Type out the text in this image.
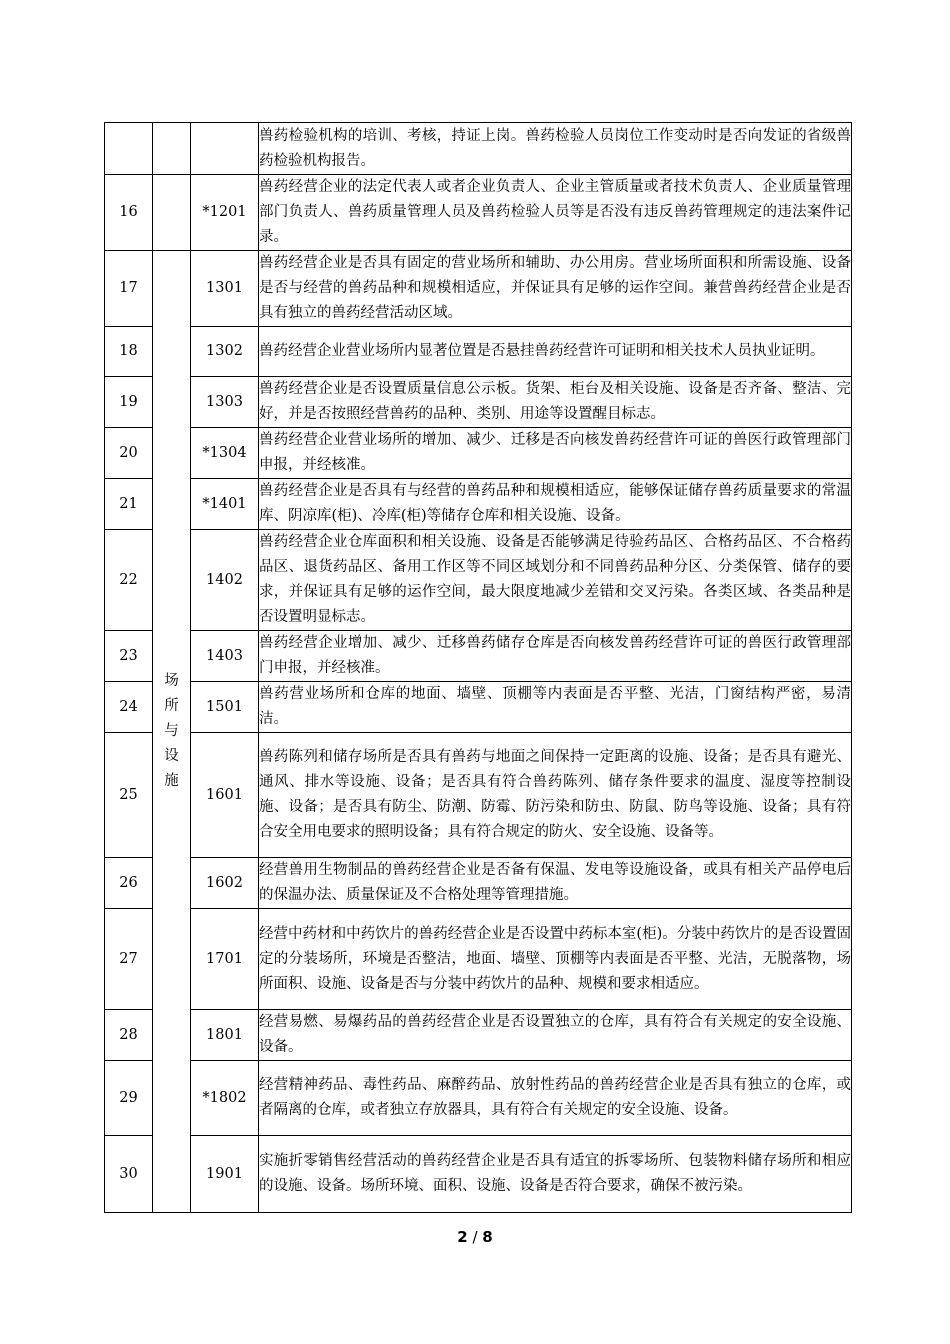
			兽药检验机构的培训、考核，持证上岗。兽药检验人员岗位工作变动时是否向发证的省级兽药检验机构报告。
16		*1201	兽药经营企业的法定代表人或者企业负责人、企业主管质量或者技术负责人、企业质量管理部门负责人、兽药质量管理人员及兽药检验人员等是否没有违反兽药管理规定的违法案件记录。
17	场所与设施	1301	兽药经营企业是否具有固定的营业场所和辅助、办公用房。营业场所面积和所需设施、设备是否与经营的兽药品种和规模相适应，并保证具有足够的运作空间。兼营兽药经营企业是否具有独立的兽药经营活动区域。
18		1302	兽药经营企业营业场所内显著位置是否悬挂兽药经营许可证明和相关技术人员执业证明。
19		1303	兽药经营企业是否设置质量信息公示板。货架、柜台及相关设施、设备是否齐备、整洁、完好，并是否按照经营兽药的品种、类别、用途等设置醒目标志。
20		*1304	兽药经营企业营业场所的增加、减少、迁移是否向核发兽药经营许可证的兽医行政管理部门申报，并经核准。
21		*1401	兽药经营企业是否具有与经营的兽药品种和规模相适应，能够保证储存兽药质量要求的常温库、阴凉库(柜)、冷库(柜)等储存仓库和相关设施、设备。
22		1402	兽药经营企业仓库面积和相关设施、设备是否能够满足待验药品区、合格药品区、不合格药品区、退货药品区、备用工作区等不同区域划分和不同兽药品种分区、分类保管、储存的要求，并保证具有足够的运作空间，最大限度地减少差错和交叉污染。各类区域、各类品种是否设置明显标志。
23		1403	兽药经营企业增加、减少、迁移兽药储存仓库是否向核发兽药经营许可证的兽医行政管理部门申报，并经核准。
24		1501	兽药营业场所和仓库的地面、墙壁、顶棚等内表面是否平整、光洁，门窗结构严密，易清洁。
25		1601	兽药陈列和储存场所是否具有兽药与地面之间保持一定距离的设施、设备；是否具有避光、通风、排水等设施、设备；是否具有符合兽药陈列、储存条件要求的温度、湿度等控制设施、设备；是否具有防尘、防潮、防霉、防污染和防虫、防鼠、防鸟等设施、设备；具有符合安全用电要求的照明设备；具有符合规定的防火、安全设施、设备等。
26		1602	经营兽用生物制品的兽药经营企业是否备有保温、发电等设施设备，或具有相关产品停电后的保温办法、质量保证及不合格处理等管理措施。
27		1701	经营中药材和中药饮片的兽药经营企业是否设置中药标本室(柜)。分装中药饮片的是否设置固定的分装场所，环境是否整洁，地面、墙壁、顶棚等内表面是否平整、光洁，无脱落物，场所面积、设施、设备是否与分装中药饮片的品种、规模和要求相适应。
28		1801	经营易燃、易爆药品的兽药经营企业是否设置独立的仓库，具有符合有关规定的安全设施、设备。
29		*1802	经营精神药品、毒性药品、麻醉药品、放射性药品的兽药经营企业是否具有独立的仓库，或者隔离的仓库，或者独立存放器具，具有符合有关规定的安全设施、设备。
30		1901	实施折零销售经营活动的兽药经营企业是否具有适宜的拆零场所、包装物料储存场所和相应的设施、设备。场所环境、面积、设施、设备是否符合要求，确保不被污染。
2 / 8
